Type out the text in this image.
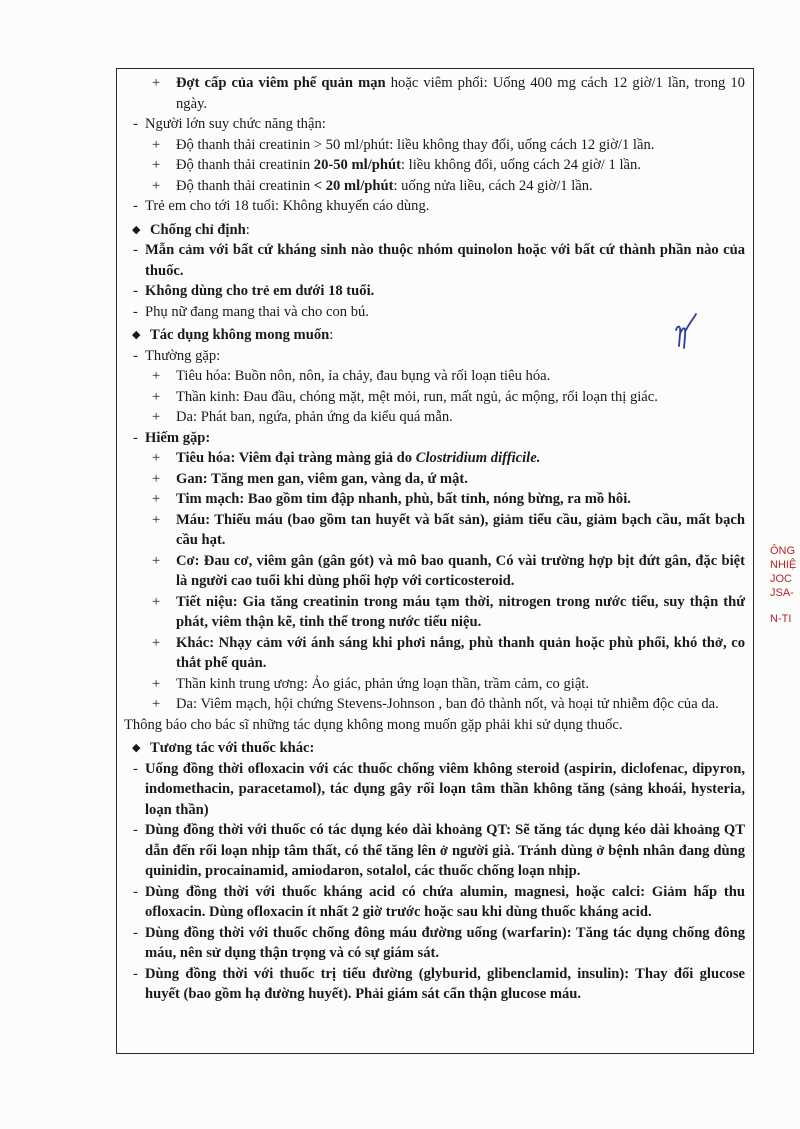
+ Đợt cấp của viêm phế quản mạn hoặc viêm phổi: Uống 400 mg cách 12 giờ/1 lần, trong 10 ngày.

- Người lớn suy chức năng thận:

+ Độ thanh thải creatinin > 50 ml/phút: liều không thay đổi, uống cách 12 giờ/1 lần.

+ Độ thanh thải creatinin 20-50 ml/phút: liều không đổi, uống cách 24 giờ/ 1 lần.

+ Độ thanh thải creatinin < 20 ml/phút: uống nửa liều, cách 24 giờ/1 lần.

- Trẻ em cho tới 18 tuổi: Không khuyến cáo dùng.

◆ Chống chỉ định:

- Mẫn cảm với bất cứ kháng sinh nào thuộc nhóm quinolon hoặc với bất cứ thành phần nào của thuốc.

- Không dùng cho trẻ em dưới 18 tuổi.

- Phụ nữ đang mang thai và cho con bú.

◆ Tác dụng không mong muốn:

- Thường gặp:

+ Tiêu hóa: Buồn nôn, nôn, ỉa chảy, đau bụng và rối loạn tiêu hóa.

+ Thần kinh: Đau đầu, chóng mặt, mệt mỏi, run, mất ngủ, ác mộng, rối loạn thị giác.

+ Da: Phát ban, ngứa, phản ứng da kiểu quá mẫn.

- Hiếm gặp:

+ Tiêu hóa: Viêm đại tràng màng giả do Clostridium difficile.

+ Gan: Tăng men gan, viêm gan, vàng da, ứ mật.

+ Tim mạch: Bao gồm tim đập nhanh, phù, bất tỉnh, nóng bừng, ra mồ hôi.

+ Máu: Thiếu máu (bao gồm tan huyết và bất sản), giảm tiểu cầu, giảm bạch cầu, mất bạch cầu hạt.

+ Cơ: Đau cơ, viêm gân (gân gót) và mô bao quanh, Có vài trường hợp bịt đứt gân, đặc biệt là người cao tuổi khi dùng phối hợp với corticosteroid.

+ Tiết niệu: Gia tăng creatinin trong máu tạm thời, nitrogen trong nước tiểu, suy thận thứ phát, viêm thận kẽ, tinh thể trong nước tiểu niệu.

+ Khác: Nhạy cảm với ánh sáng khi phơi nắng, phù thanh quản hoặc phù phổi, khó thở, co thắt phế quản.

+ Thần kinh trung ương: Ảo giác, phản ứng loạn thần, trầm cảm, co giật.

+ Da: Viêm mạch, hội chứng Stevens-Johnson , ban đỏ thành nốt, và hoại tử nhiễm độc của da.

Thông báo cho bác sĩ những tác dụng không mong muốn gặp phải khi sử dụng thuốc.

◆ Tương tác với thuốc khác:

- Uống đồng thời ofloxacin với các thuốc chống viêm không steroid (aspirin, diclofenac, dipyron, indomethacin, paracetamol), tác dụng gây rối loạn tâm thần không tăng (sảng khoái, hysteria, loạn thần)

- Dùng đồng thời với thuốc có tác dụng kéo dài khoảng QT: Sẽ tăng tác dụng kéo dài khoảng QT dẫn đến rối loạn nhịp tâm thất, có thể tăng lên ở người già. Tránh dùng ở bệnh nhân đang dùng quinidin, procainamid, amiodaron, sotalol, các thuốc chống loạn nhịp.

- Dùng đồng thời với thuốc kháng acid có chứa alumin, magnesi, hoặc calci: Giảm hấp thu ofloxacin. Dùng ofloxacin ít nhất 2 giờ trước hoặc sau khi dùng thuốc kháng acid.

- Dùng đồng thời với thuốc chống đông máu đường uống (warfarin): Tăng tác dụng chống đông máu, nên sử dụng thận trọng và có sự giám sát.

- Dùng đồng thời với thuốc trị tiểu đường (glyburid, glibenclamid, insulin): Thay đổi glucose huyết (bao gồm hạ đường huyết). Phải giám sát cẩn thận glucose máu.

ÔNG
NHIỆ
JOC
JSA-
N-TI
